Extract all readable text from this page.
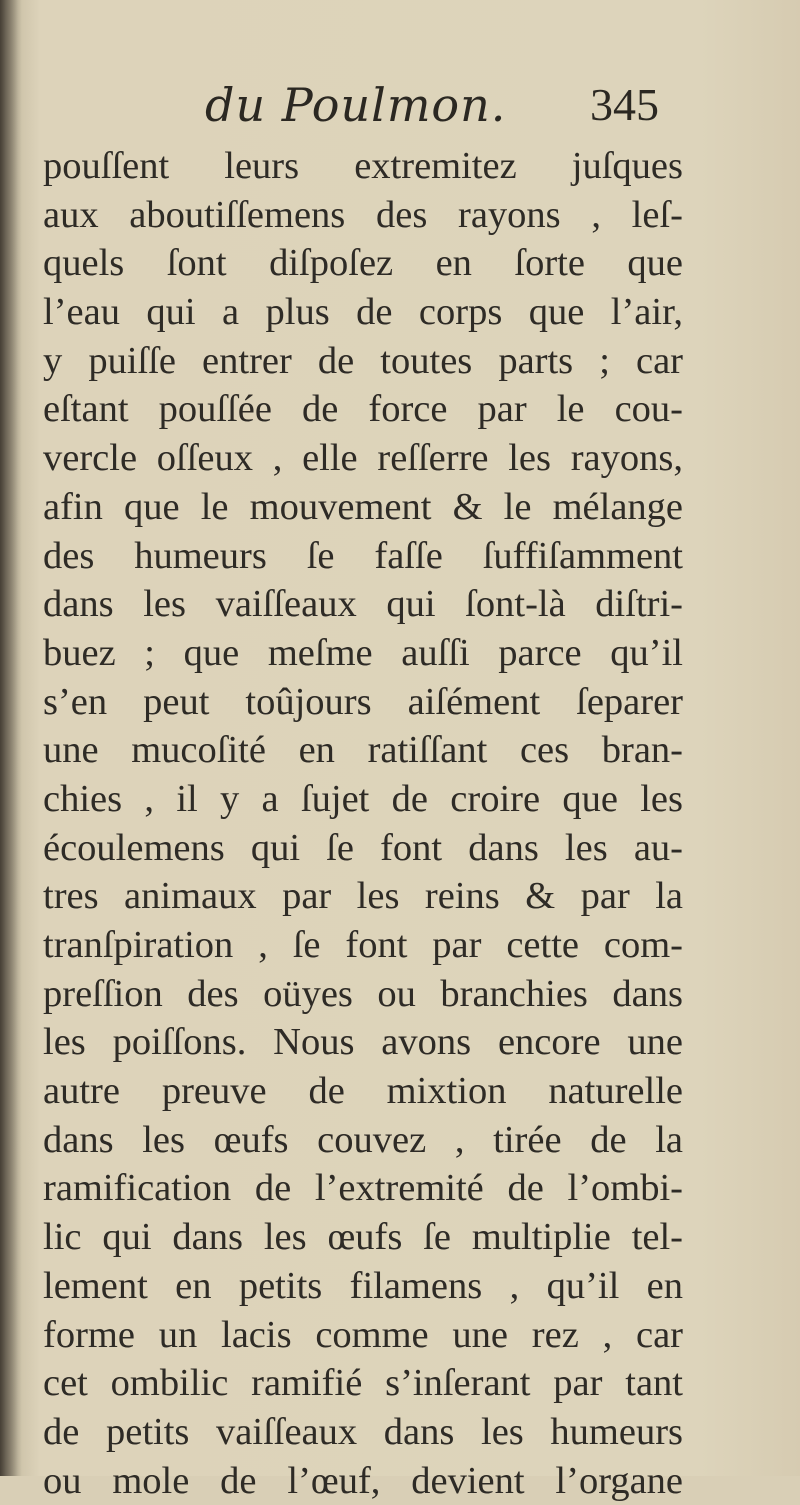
du Poulmon. 345
pouſſent leurs extremitez juſques
aux aboutiſſemens des rayons , leſ-
quels ſont diſpoſez en ſorte que
l’eau qui a plus de corps que l’air,
y puiſſe entrer de toutes parts ; car
eſtant pouſſée de force par le cou-
vercle oſſeux , elle reſſerre les rayons,
afin que le mouvement & le mélange
des humeurs ſe faſſe ſuffiſamment
dans les vaiſſeaux qui ſont-là diſtri-
buez ; que meſme auſſi parce qu’il
s’en peut toûjours aiſément ſeparer
une mucoſité en ratiſſant ces bran-
chies , il y a ſujet de croire que les
écoulemens qui ſe font dans les au-
tres animaux par les reins & par la
tranſpiration , ſe font par cette com-
preſſion des oüyes ou branchies dans
les poiſſons. Nous avons encore une
autre preuve de mixtion naturelle
dans les œufs couvez , tirée de la
ramification de l’extremité de l’ombi-
lic qui dans les œufs ſe multiplie tel-
lement en petits filamens , qu’il en
forme un lacis comme une rez , car
cet ombilic ramifié s’inſerant par tant
de petits vaiſſeaux dans les humeurs
ou mole de l’œuf, devient l’organe
